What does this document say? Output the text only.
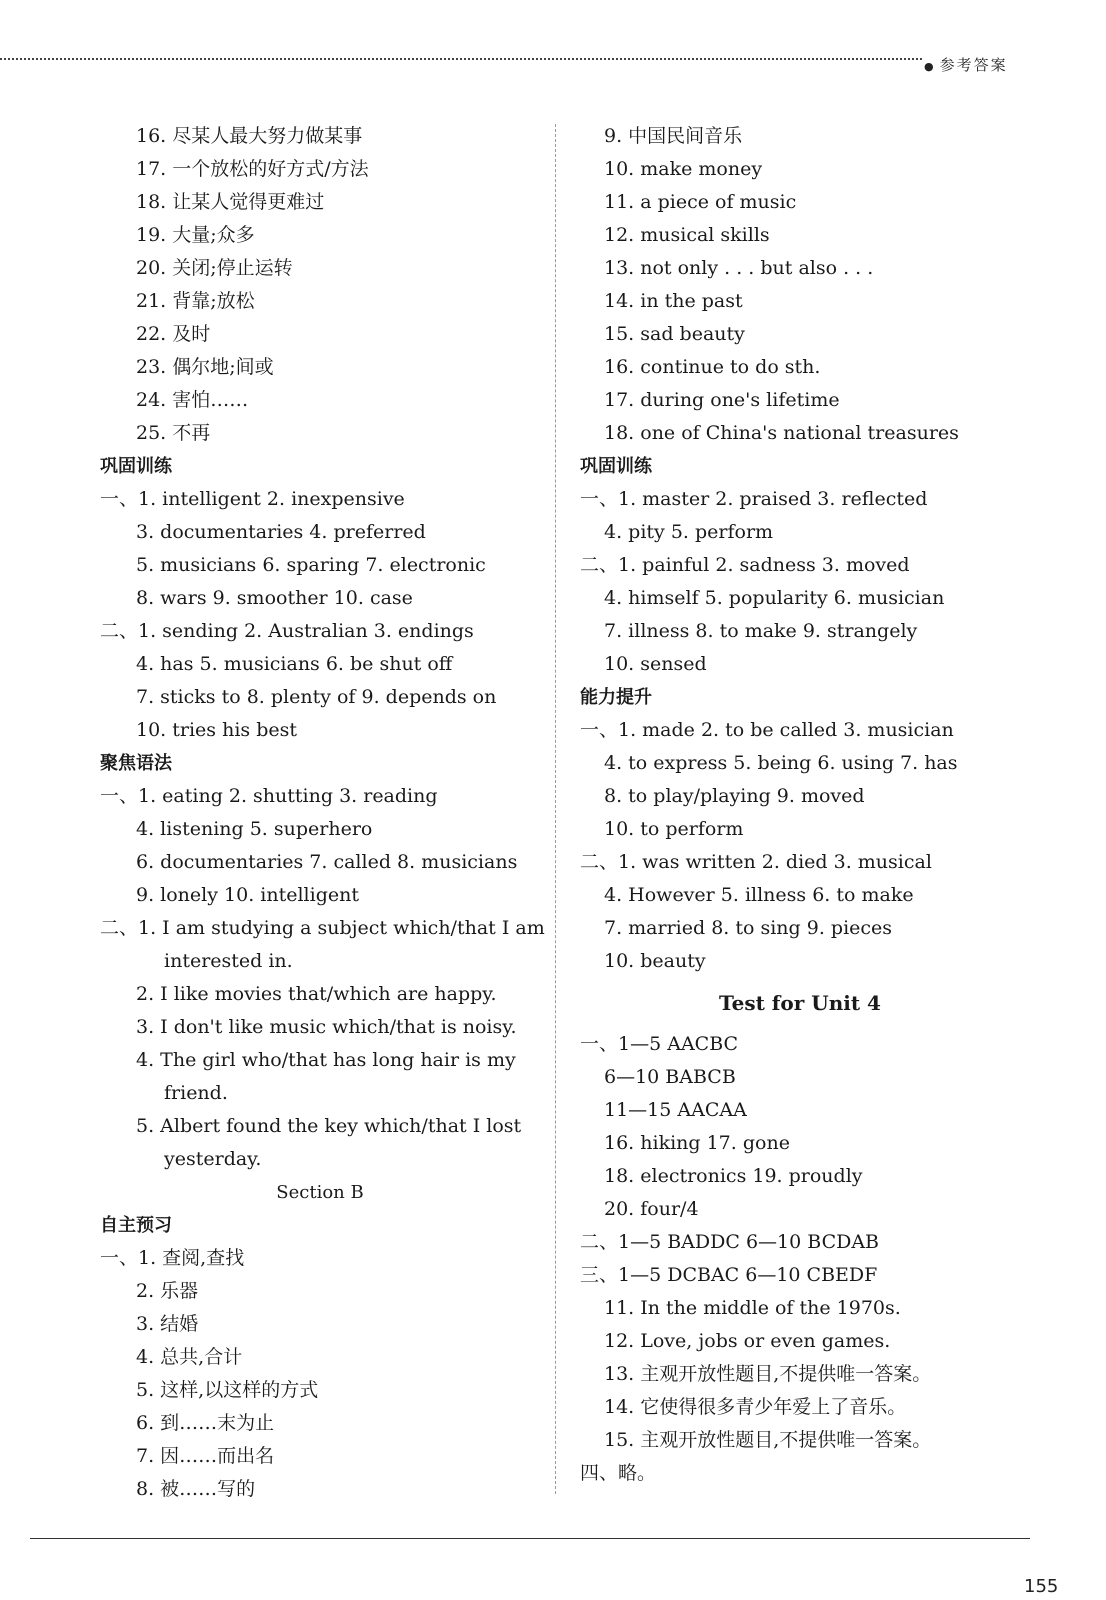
● 参考答案
16. 尽某人最大努力做某事
17. 一个放松的好方式/方法
18. 让某人觉得更难过
19. 大量;众多
20. 关闭;停止运转
21. 背靠;放松
22. 及时
23. 偶尔地;间或
24. 害怕……
25. 不再
巩固训练
一、1. intelligent 2. inexpensive
3. documentaries 4. preferred
5. musicians 6. sparing 7. electronic
8. wars 9. smoother 10. case
二、1. sending 2. Australian 3. endings
4. has 5. musicians 6. be shut off
7. sticks to 8. plenty of 9. depends on
10. tries his best
聚焦语法
一、1. eating 2. shutting 3. reading
4. listening 5. superhero
6. documentaries 7. called 8. musicians
9. lonely 10. intelligent
二、1. I am studying a subject which/that I am
interested in.
2. I like movies that/which are happy.
3. I don't like music which/that is noisy.
4. The girl who/that has long hair is my
friend.
5. Albert found the key which/that I lost
yesterday.
Section B
自主预习
一、1. 查阅,查找
2. 乐器
3. 结婚
4. 总共,合计
5. 这样,以这样的方式
6. 到……末为止
7. 因……而出名
8. 被……写的
9. 中国民间音乐
10. make money
11. a piece of music
12. musical skills
13. not only . . . but also . . .
14. in the past
15. sad beauty
16. continue to do sth.
17. during one's lifetime
18. one of China's national treasures
巩固训练
一、1. master 2. praised 3. reflected
4. pity 5. perform
二、1. painful 2. sadness 3. moved
4. himself 5. popularity 6. musician
7. illness 8. to make 9. strangely
10. sensed
能力提升
一、1. made 2. to be called 3. musician
4. to express 5. being 6. using 7. has
8. to play/playing 9. moved
10. to perform
二、1. was written 2. died 3. musical
4. However 5. illness 6. to make
7. married 8. to sing 9. pieces
10. beauty
Test for Unit 4
一、1—5 AACBC
6—10 BABCB
11—15 AACAA
16. hiking 17. gone
18. electronics 19. proudly
20. four/4
二、1—5 BADDC 6—10 BCDAB
三、1—5 DCBAC 6—10 CBEDF
11. In the middle of the 1970s.
12. Love, jobs or even games.
13. 主观开放性题目,不提供唯一答案。
14. 它使得很多青少年爱上了音乐。
15. 主观开放性题目,不提供唯一答案。
四、略。
155
